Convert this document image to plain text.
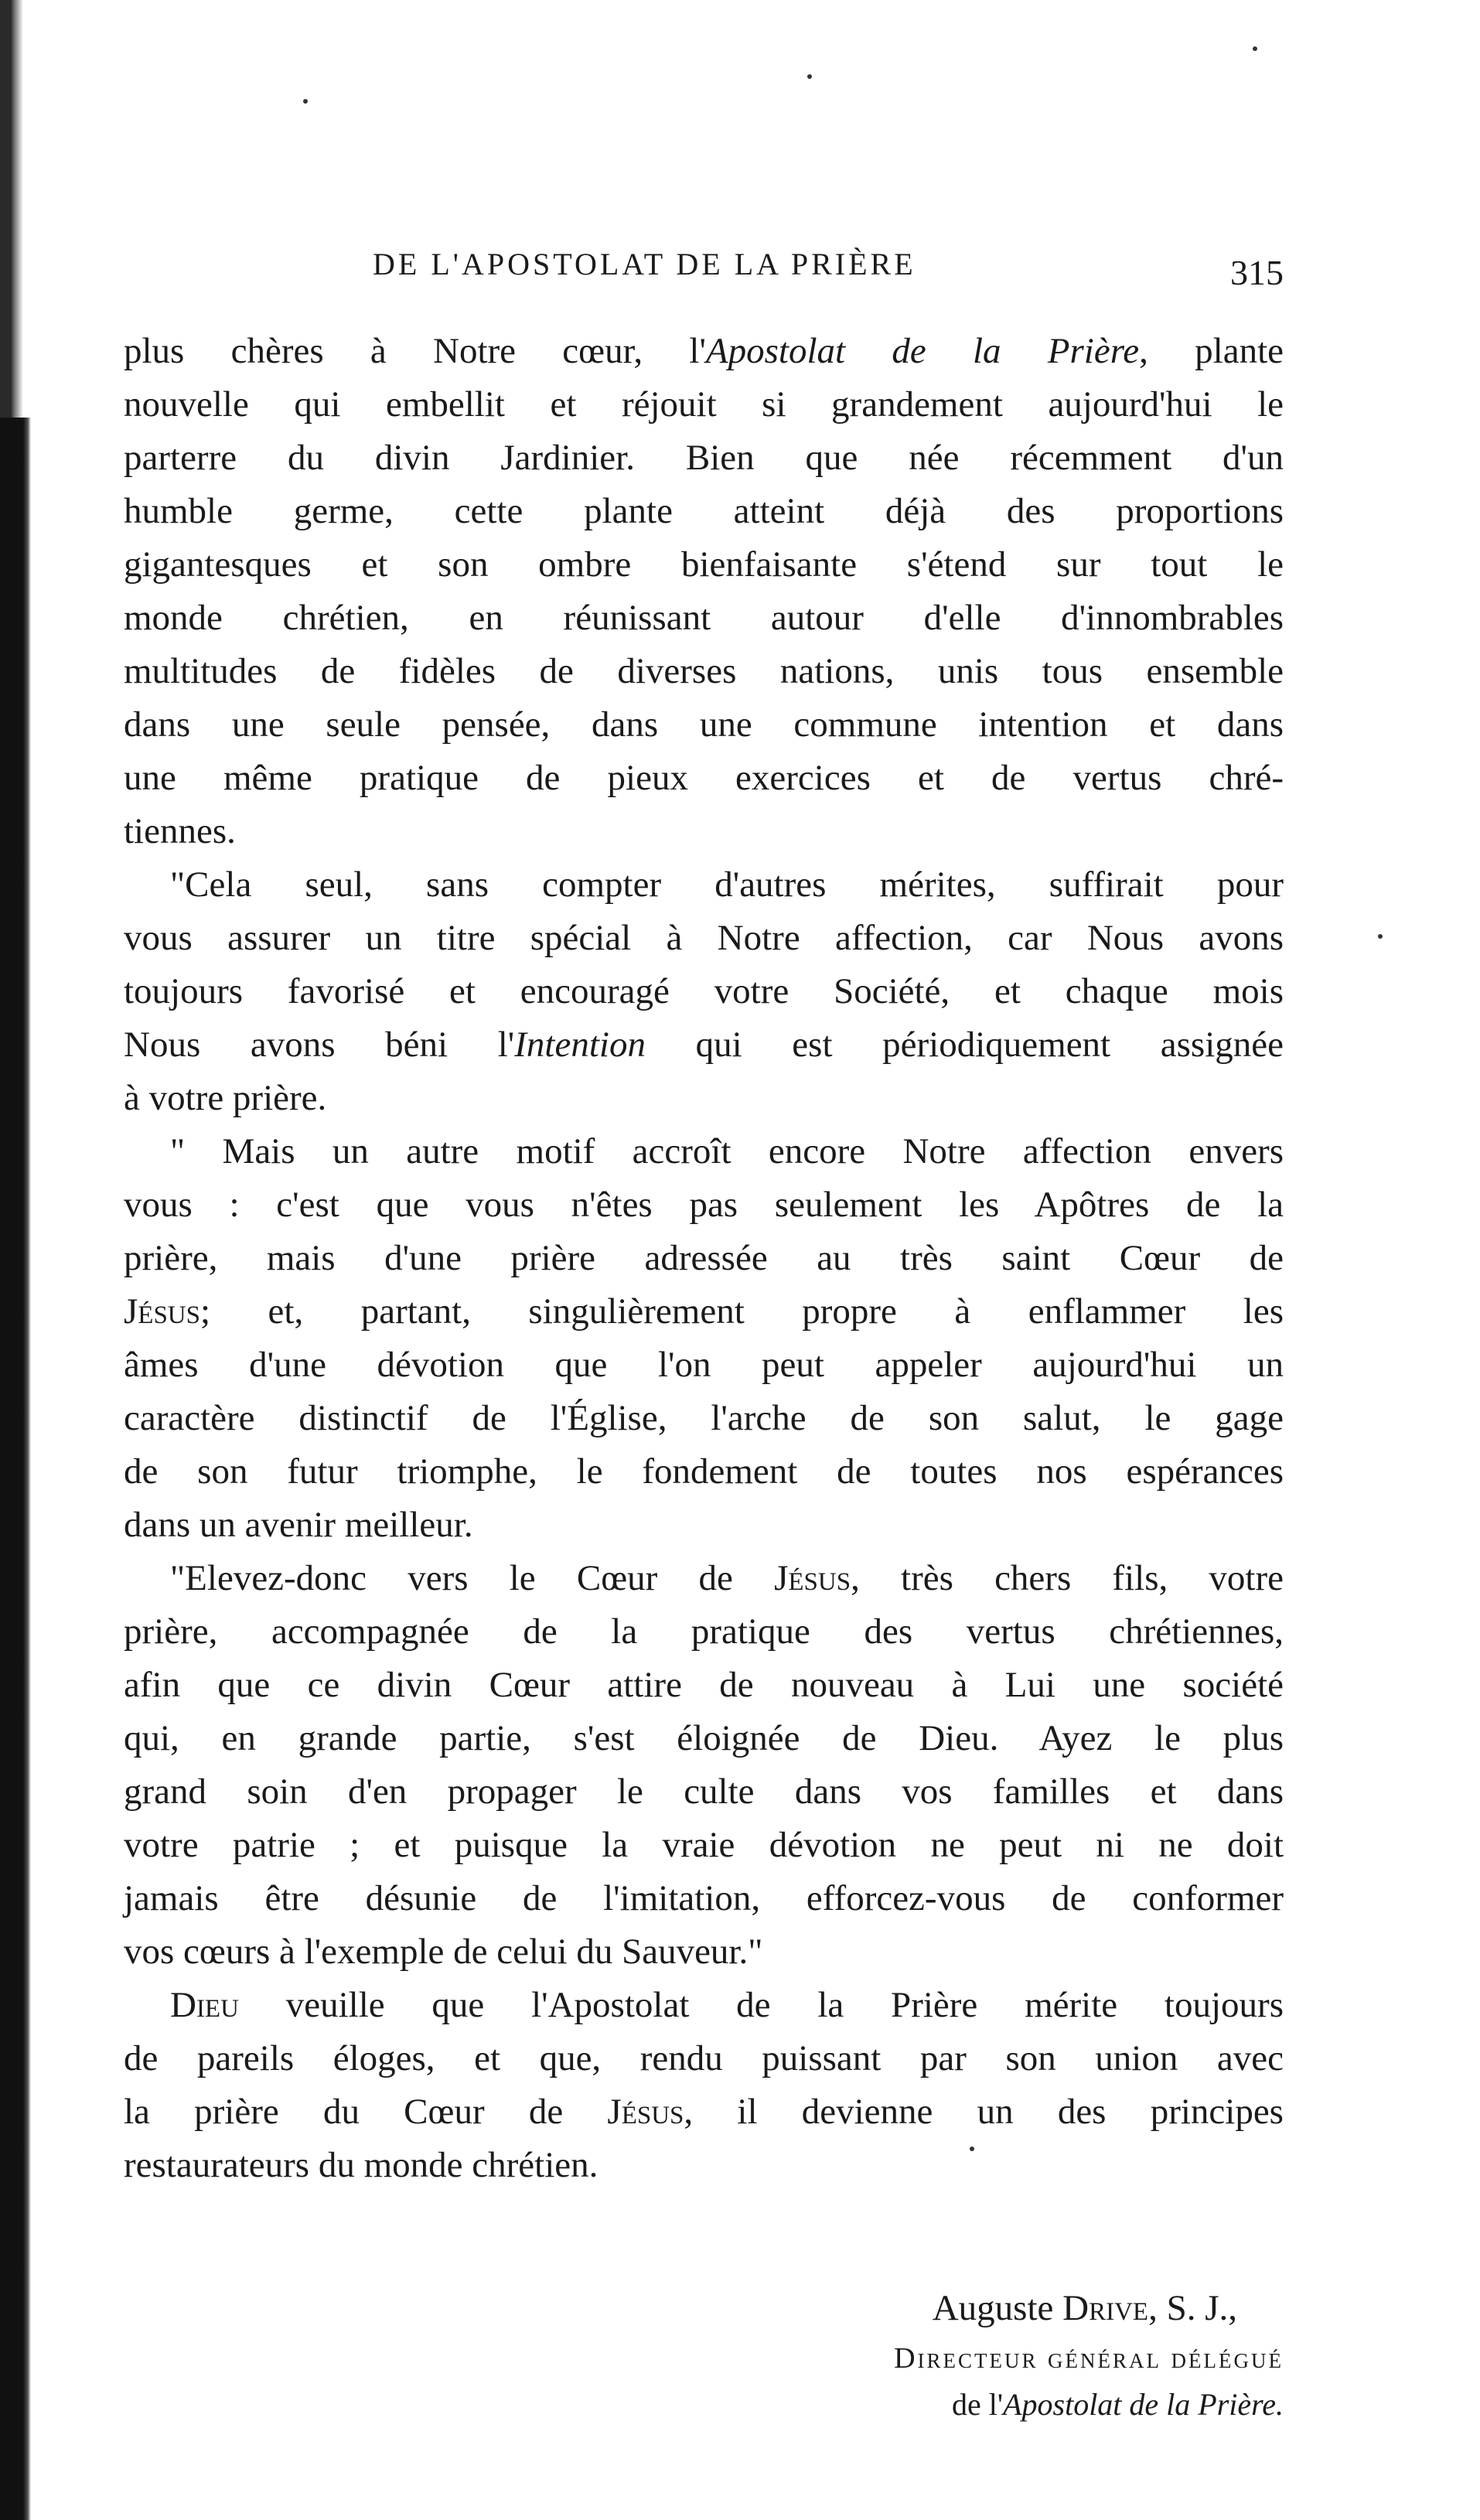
DE L'APOSTOLAT DE LA PRIÈRE	315
plus chères à Notre cœur, l'Apostolat de la Prière, plante
nouvelle qui embellit et réjouit si grandement aujourd'hui le
parterre du divin Jardinier. Bien que née récemment d'un
humble germe, cette plante atteint déjà des proportions
gigantesques et son ombre bienfaisante s'étend sur tout le
monde chrétien, en réunissant autour d'elle d'innombrables
multitudes de fidèles de diverses nations, unis tous ensemble
dans une seule pensée, dans une commune intention et dans
une même pratique de pieux exercices et de vertus chré-
tiennes.
"Cela seul, sans compter d'autres mérites, suffirait pour
vous assurer un titre spécial à Notre affection, car Nous avons
toujours favorisé et encouragé votre Société, et chaque mois
Nous avons béni l'Intention qui est périodiquement assignée
à votre prière.
" Mais un autre motif accroît encore Notre affection envers
vous : c'est que vous n'êtes pas seulement les Apôtres de la
prière, mais d'une prière adressée au très saint Cœur de
Jésus; et, partant, singulièrement propre à enflammer les
âmes d'une dévotion que l'on peut appeler aujourd'hui un
caractère distinctif de l'Église, l'arche de son salut, le gage
de son futur triomphe, le fondement de toutes nos espérances
dans un avenir meilleur.
"Elevez-donc vers le Cœur de Jésus, très chers fils, votre
prière, accompagnée de la pratique des vertus chrétiennes,
afin que ce divin Cœur attire de nouveau à Lui une société
qui, en grande partie, s'est éloignée de Dieu. Ayez le plus
grand soin d'en propager le culte dans vos familles et dans
votre patrie ; et puisque la vraie dévotion ne peut ni ne doit
jamais être désunie de l'imitation, efforcez-vous de conformer
vos cœurs à l'exemple de celui du Sauveur."
Dieu veuille que l'Apostolat de la Prière mérite toujours
de pareils éloges, et que, rendu puissant par son union avec
la prière du Cœur de Jésus, il devienne un des principes
restaurateurs du monde chrétien.
Auguste Drive, S. J.,
Directeur général délégué
de l'Apostolat de la Prière.
